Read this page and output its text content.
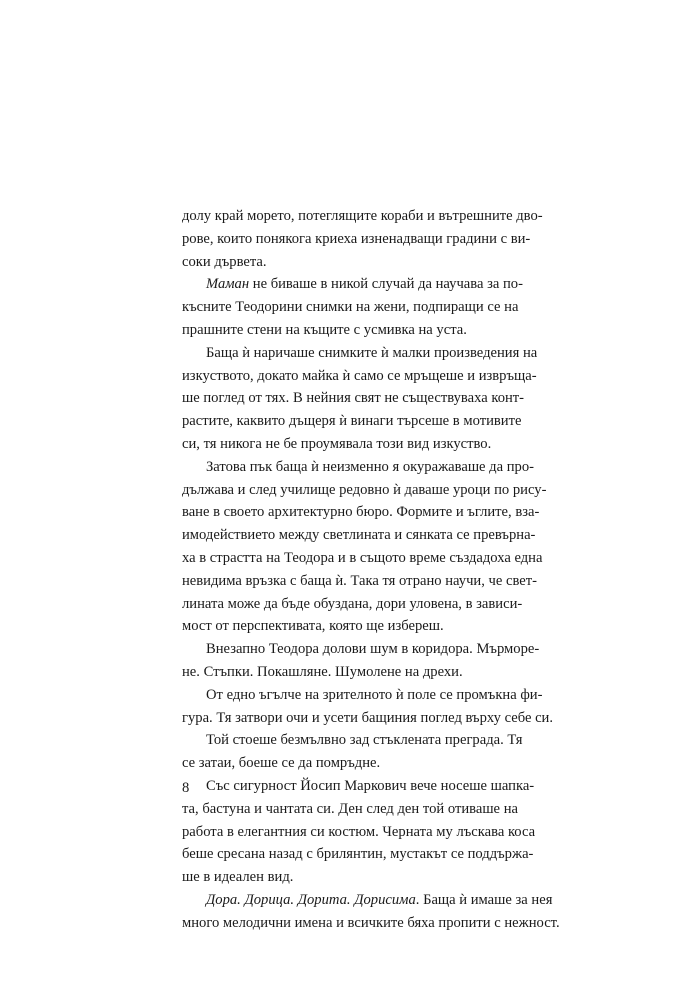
долу край морето, потеглящите кораби и вътрешните дво-
рове, които понякога криеха изненадващи градини с ви-
соки дървета.
Маман не биваше в никой случай да научава за по-
късните Теодорини снимки на жени, подпиращи се на
прашните стени на къщите с усмивка на уста.
Баща ѝ наричаше снимките ѝ малки произведения на
изкуството, докато майка ѝ само се мръщеше и извръща-
ше поглед от тях. В нейния свят не съществуваха конт-
растите, каквито дъщеря ѝ винаги търсеше в мотивите
си, тя никога не бе проумявала този вид изкуство.
Затова пък баща ѝ неизменно я окуражаваше да про-
дължава и след училище редовно ѝ даваше уроци по рису-
ване в своето архитектурно бюро. Формите и ъглите, вза-
имодействието между светлината и сянката се превърна-
ха в страстта на Теодора и в същото време създадоха една
невидима връзка с баща ѝ. Така тя отрано научи, че свет-
лината може да бъде обуздана, дори уловена, в зависи-
мост от перспективата, която ще избереш.
Внезапно Теодора долови шум в коридора. Мърморе-
не. Стъпки. Покашляне. Шумолене на дрехи.
От едно ъгълче на зрителното ѝ поле се промъкна фи-
гура. Тя затвори очи и усети бащиния поглед върху себе си.
Той стоеше безмълвно зад стъклената преграда. Тя
се затаи, боеше се да помръдне.
Със сигурност Йосип Маркович вече носеше шапка-
та, бастуна и чантата си. Ден след ден той отиваше на
работа в елегантния си костюм. Черната му лъскава коса
беше сресана назад с брилянтин, мустакът се поддържа-
ше в идеален вид.
Дора. Дорица. Дорита. Дорисима. Баща ѝ имаше за нея
много мелодични имена и всичките бяха пропити с нежност.
8
